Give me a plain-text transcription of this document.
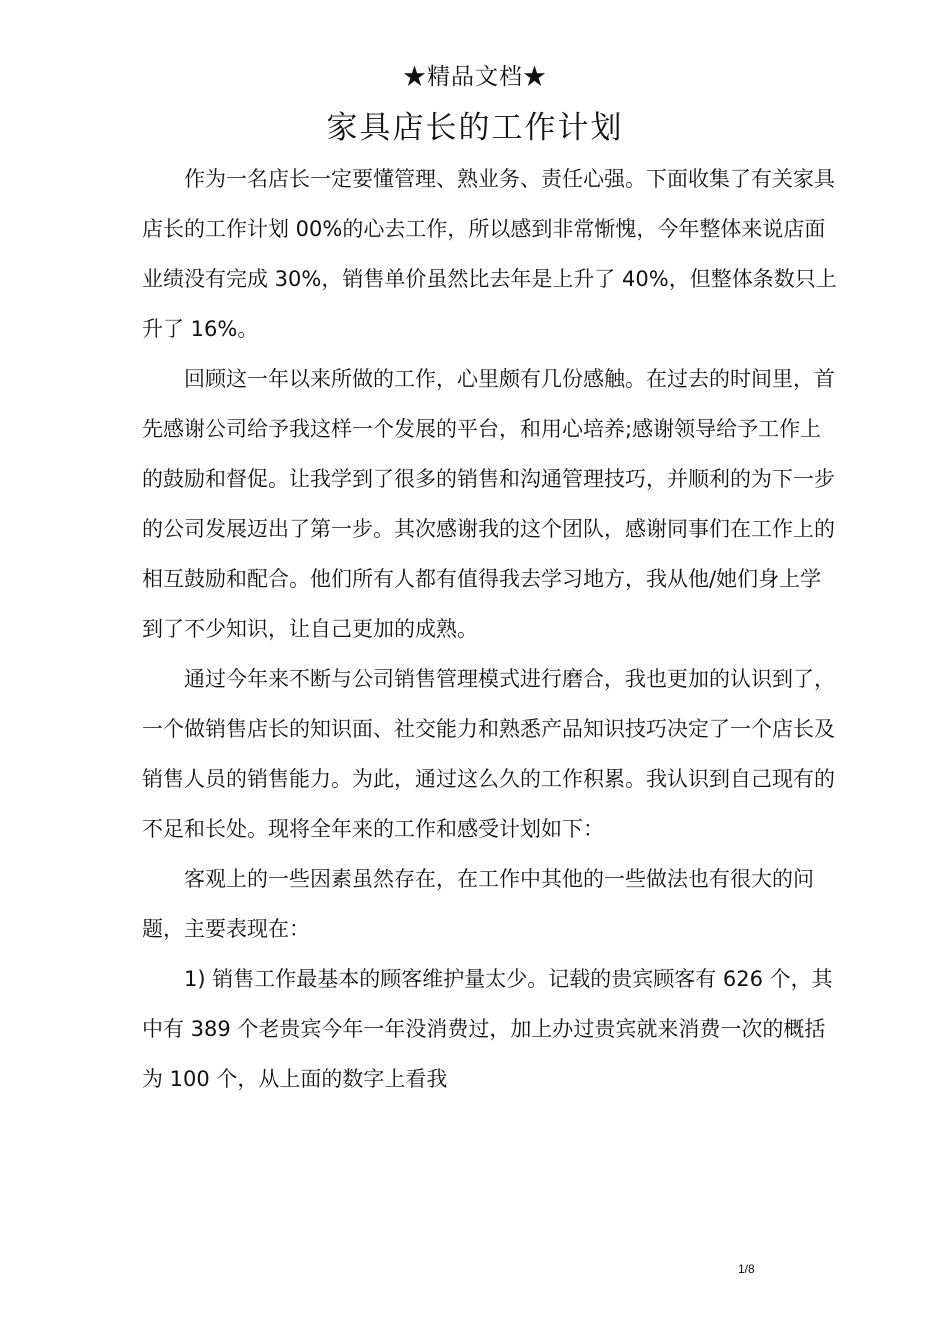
★精品文档★
家具店长的工作计划

作为一名店长一定要懂管理、熟业务、责任心强。下面收集了有关家具店长的工作计划 00%的心去工作，所以感到非常惭愧，今年整体来说店面业绩没有完成 30%，销售单价虽然比去年是上升了 40%，但整体条数只上升了 16%。

回顾这一年以来所做的工作，心里颇有几份感触。在过去的时间里，首先感谢公司给予我这样一个发展的平台，和用心培养;感谢领导给予工作上的鼓励和督促。让我学到了很多的销售和沟通管理技巧，并顺利的为下一步的公司发展迈出了第一步。其次感谢我的这个团队，感谢同事们在工作上的相互鼓励和配合。他们所有人都有值得我去学习地方，我从他/她们身上学到了不少知识，让自己更加的成熟。

通过今年来不断与公司销售管理模式进行磨合，我也更加的认识到了，一个做销售店长的知识面、社交能力和熟悉产品知识技巧决定了一个店长及销售人员的销售能力。为此，通过这么久的工作积累。我认识到自己现有的不足和长处。现将全年来的工作和感受计划如下：

客观上的一些因素虽然存在，在工作中其他的一些做法也有很大的问题，主要表现在：

1) 销售工作最基本的顾客维护量太少。记载的贵宾顾客有 626 个，其中有 389 个老贵宾今年一年没消费过，加上办过贵宾就来消费一次的概括为 100 个，从上面的数字上看我

1/8
